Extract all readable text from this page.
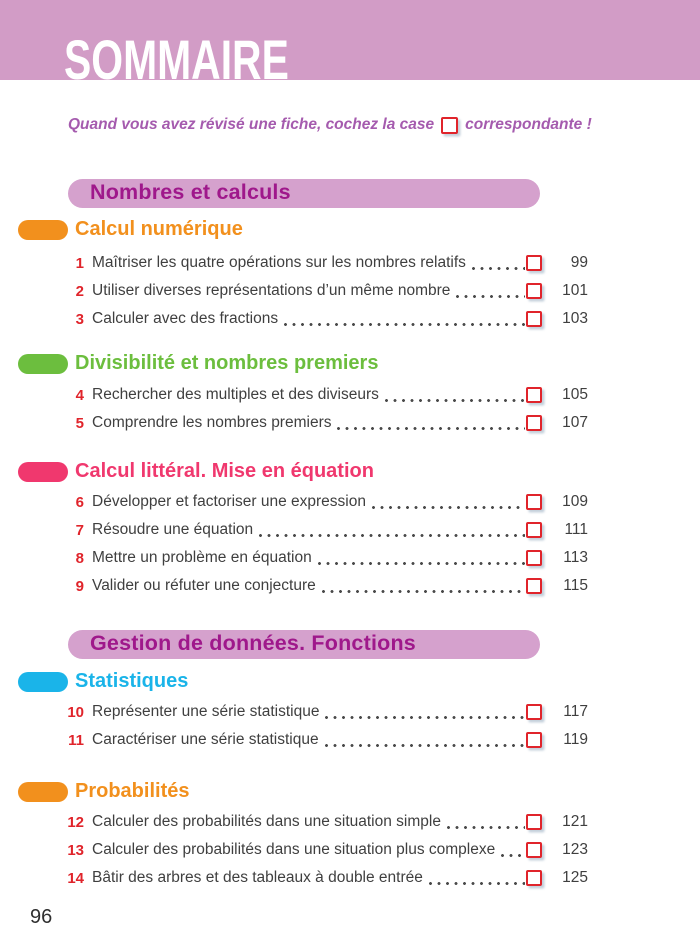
SOMMAIRE
Quand vous avez révisé une fiche, cochez la case correspondante !
Nombres et calculs
Calcul numérique
1 Maîtriser les quatre opérations sur les nombres relatifs	99
2 Utiliser diverses représentations d’un même nombre	101
3 Calculer avec des fractions	103
Divisibilité et nombres premiers
4 Rechercher des multiples et des diviseurs	105
5 Comprendre les nombres premiers	107
Calcul littéral. Mise en équation
6 Développer et factoriser une expression	109
7 Résoudre une équation	111
8 Mettre un problème en équation	113
9 Valider ou réfuter une conjecture	115
Gestion de données. Fonctions
Statistiques
10 Représenter une série statistique	117
11 Caractériser une série statistique	119
Probabilités
12 Calculer des probabilités dans une situation simple	121
13 Calculer des probabilités dans une situation plus complexe	123
14 Bâtir des arbres et des tableaux à double entrée	125
96
